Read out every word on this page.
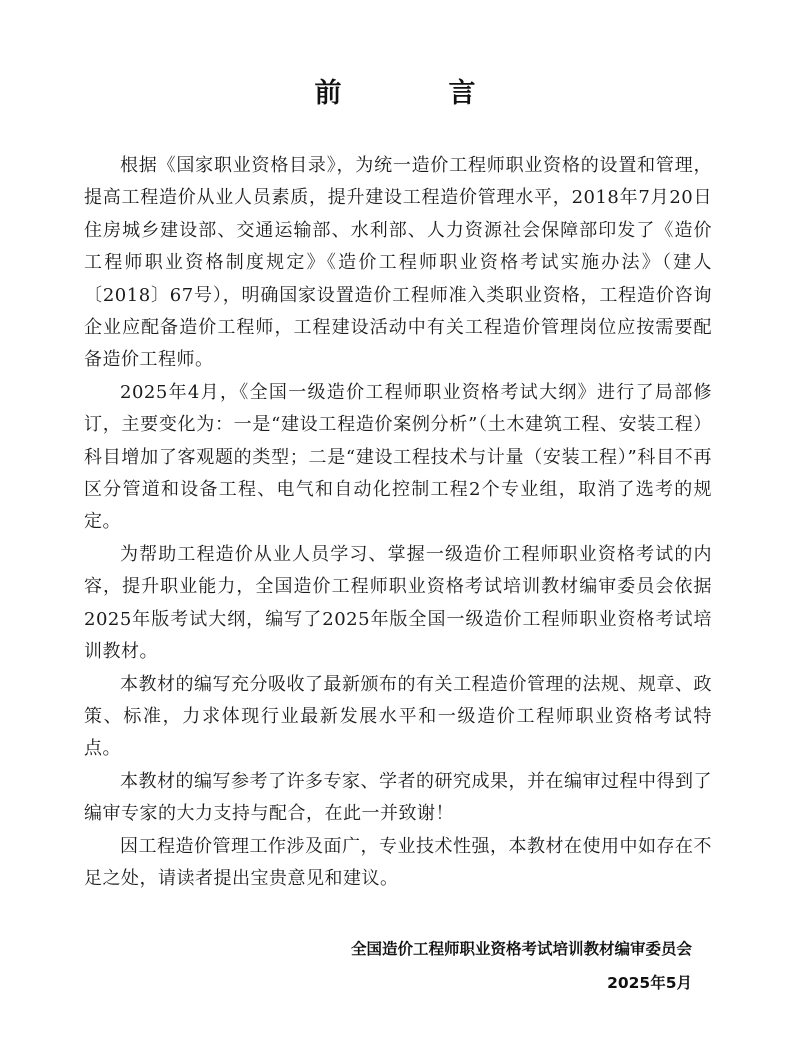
前　言

根据《国家职业资格目录》，为统一造价工程师职业资格的设置和管理，提高工程造价从业人员素质，提升建设工程造价管理水平，2018年7月20日住房城乡建设部、交通运输部、水利部、人力资源社会保障部印发了《造价工程师职业资格制度规定》《造价工程师职业资格考试实施办法》（建人〔2018〕67号），明确国家设置造价工程师准入类职业资格，工程造价咨询企业应配备造价工程师，工程建设活动中有关工程造价管理岗位应按需要配备造价工程师。

2025年4月，《全国一级造价工程师职业资格考试大纲》进行了局部修订，主要变化为：一是“建设工程造价案例分析”（土木建筑工程、安装工程）科目增加了客观题的类型；二是“建设工程技术与计量（安装工程）”科目不再区分管道和设备工程、电气和自动化控制工程2个专业组，取消了选考的规定。

为帮助工程造价从业人员学习、掌握一级造价工程师职业资格考试的内容，提升职业能力，全国造价工程师职业资格考试培训教材编审委员会依据2025年版考试大纲，编写了2025年版全国一级造价工程师职业资格考试培训教材。

本教材的编写充分吸收了最新颁布的有关工程造价管理的法规、规章、政策、标准，力求体现行业最新发展水平和一级造价工程师职业资格考试特点。

本教材的编写参考了许多专家、学者的研究成果，并在编审过程中得到了编审专家的大力支持与配合，在此一并致谢！

因工程造价管理工作涉及面广，专业技术性强，本教材在使用中如存在不足之处，请读者提出宝贵意见和建议。

全国造价工程师职业资格考试培训教材编审委员会
2025年5月
